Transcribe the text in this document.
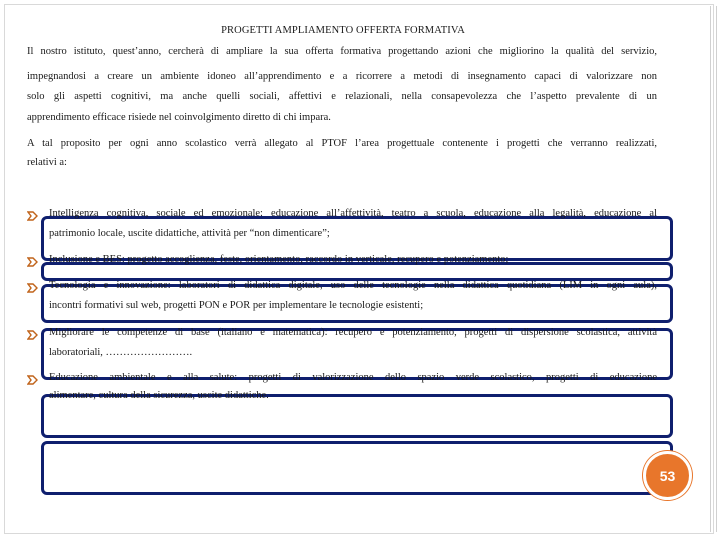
PROGETTI AMPLIAMENTO OFFERTA FORMATIVA
Il nostro istituto, quest’anno, cercherà di ampliare la sua offerta formativa progettando azioni che migliorino la qualità del servizio,
impegnandosi a creare un ambiente idoneo all’apprendimento e a ricorrere a metodi di insegnamento capaci di valorizzare non
solo gli aspetti cognitivi, ma anche quelli sociali, affettivi e relazionali, nella consapevolezza che l’aspetto prevalente di un
apprendimento efficace risiede nel coinvolgimento diretto di chi impara.
A tal proposito per ogni anno scolastico verrà allegato al PTOF l’area progettuale contenente i progetti che verranno realizzati,
relativi a:
Intelligenza cognitiva, sociale ed emozionale: educazione all’affettività, teatro a scuola, educazione alla legalità, educazione al
patrimonio locale, uscite didattiche, attività per “non dimenticare”;
Inclusione e BES: progetto accoglienza, feste, orientamento, raccordo in verticale, recupero e potenziamento;
Tecnologia e innovazione: laboratori di didattica digitale, uso delle tecnologie nella didattica quotidiana (LIM in ogni aula),
incontri formativi sul web, progetti PON e POR per implementare le tecnologie esistenti;
Migliorare le competenze di base (italiano e matematica): recupero e potenziamento, progetti di dispersione scolastica, attività
laboratoriali, …………………….
Educazione ambientale e alla salute: progetti di valorizzazione dello spazio verde scolastico, progetti di educazione
alimentare, cultura della sicurezza, uscite didattiche.
53
